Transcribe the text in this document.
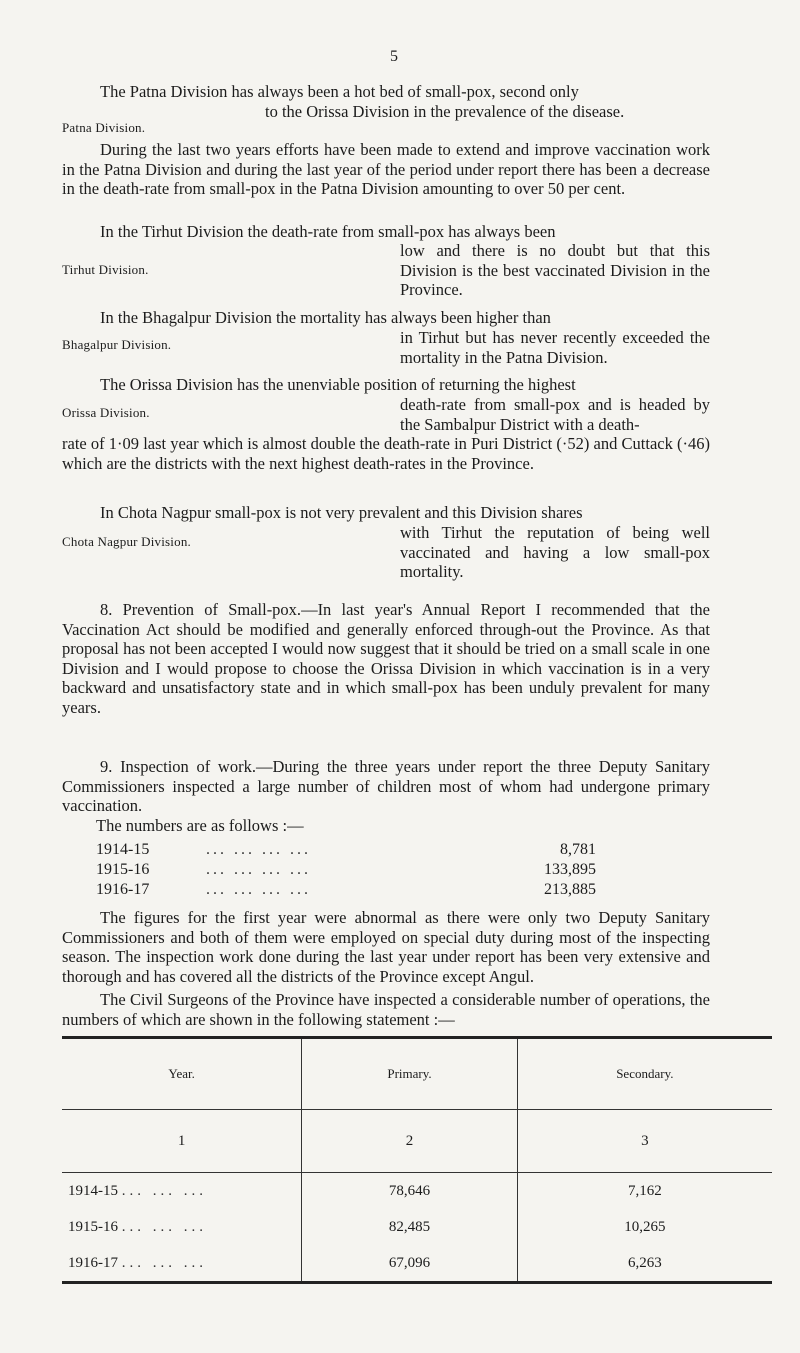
5

The Patna Division has always been a hot bed of small-pox, second only

to the Orissa Division in the prevalence of the disease.
Patna Division.
During the last two years efforts have been made to extend and improve vaccination work in the Patna Division and during the last year of the period under report there has been a decrease in the death-rate from small-pox in the Patna Division amounting to over 50 per cent.

In the Tirhut Division the death-rate from small-pox has always been

low and there is no doubt but that this Division is the best vaccinated Division in the Province.
Tirhut Division.

In the Bhagalpur Division the mortality has always been higher than

in Tirhut but has never recently exceeded the mortality in the Patna Division.
Bhagalpur Division.

The Orissa Division has the unenviable position of returning the highest

death-rate from small-pox and is headed by the Sambalpur District with a death-
Orissa Division.
rate of 1·09 last year which is almost double the death-rate in Puri District (·52) and Cuttack (·46) which are the districts with the next highest death-rates in the Province.

In Chota Nagpur small-pox is not very prevalent and this Division shares

with Tirhut the reputation of being well vaccinated and having a low small-pox mortality.
Chota Nagpur Division.
8. Prevention of Small-pox.—In last year's Annual Report I recommended that the Vaccination Act should be modified and generally enforced through-out the Province. As that proposal has not been accepted I would now suggest that it should be tried on a small scale in one Division and I would propose to choose the Orissa Division in which vaccination is in a very backward and unsatisfactory state and in which small-pox has been unduly prevalent for many years.
9. Inspection of work.—During the three years under report the three Deputy Sanitary Commissioners inspected a large number of children most of whom had undergone primary vaccination.
The numbers are as follows :—
1914-15	... ... ... ...	8,781
1915-16	... ... ... ...	133,895
1916-17	... ... ... ...	213,885
The figures for the first year were abnormal as there were only two Deputy Sanitary Commissioners and both of them were employed on special duty during most of the inspecting season. The inspection work done during the last year under report has been very extensive and thorough and has covered all the districts of the Province except Angul.
The Civil Surgeons of the Province have inspected a considerable number of operations, the numbers of which are shown in the following statement :—
Year.	Primary.	Secondary.
1	2	3
1914-15 ... ... ...	78,646	7,162
1915-16 ... ... ...	82,485	10,265
1916-17 ... ... ...	67,096	6,263
